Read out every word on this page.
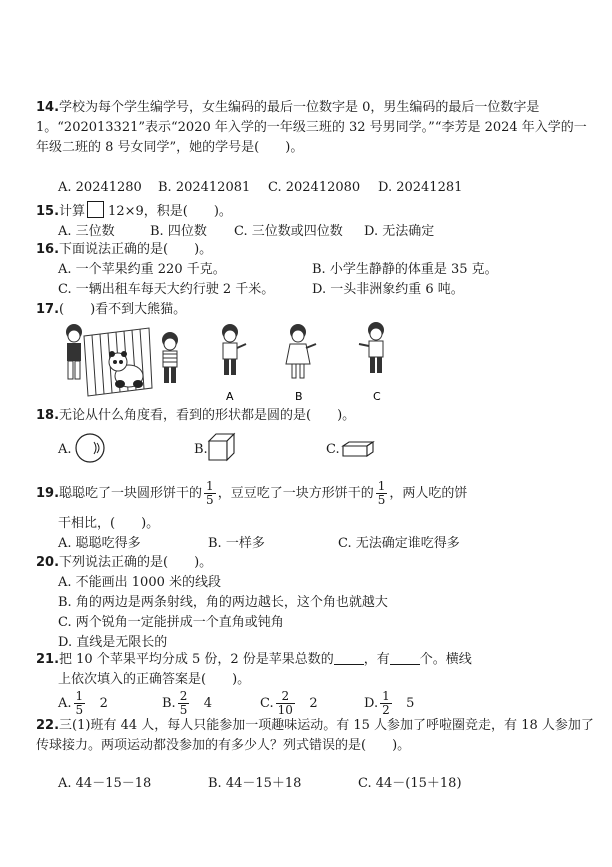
14.学校为每个学生编学号，女生编码的最后一位数字是 0，男生编码的最后一位数字是 1。“202013321”表示“2020 年入学的一年级三班的 32 号男同学。”“李芳是 2024 年入学的一年级二班的 8 号女同学”，她的学号是(　　)。
A. 20241280 B. 202412081 C. 202412080 D. 20241281
15.计算 12×9，积是(　　)。
A. 三位数	B. 四位数 C. 三位数或四位数 D. 无法确定
16.下面说法正确的是(　　)。
A. 一个苹果约重 220 千克。	B. 小学生静静的体重是 35 克。
C. 一辆出租车每天大约行驶 2 千米。	D. 一头非洲象约重 6 吨。
17.(　　)看不到大熊猫。
A	B	C
18.无论从什么角度看，看到的形状都是圆的是(　　)。
A.	B.	C.
19.聪聪吃了一块圆形饼干的 $\frac{1}{5}$ ，豆豆吃了一块方形饼干的 $\frac{1}{5}$ ，两人吃的饼
干相比，(　　)。
A. 聪聪吃得多	B. 一样多	C. 无法确定谁吃得多
20.下列说法正确的是(　　)。
A. 不能画出 1000 米的线段
B. 角的两边是两条射线，角的两边越长，这个角也就越大
C. 两个锐角一定能拼成一个直角或钝角
D. 直线是无限长的
21.把 10 个苹果平均分成 5 份，2 份是苹果总数的 ，有 个。横线
上依次填入的正确答案是(　　)。
A. $\frac{1}{5} 2$	B. $\frac{2}{5} 4$	C. $\frac{2}{10} 2$	D. $\frac{1}{2} 5$
22.三(1)班有 44 人，每人只能参加一项趣味运动。有 15 人参加了呼啦圈竞走，有 18 人参加了传球接力。两项运动都没参加的有多少人？列式错误的是(　　)。
A. 44－15－18	B. 44－15＋18	C. 44－(15＋18)
